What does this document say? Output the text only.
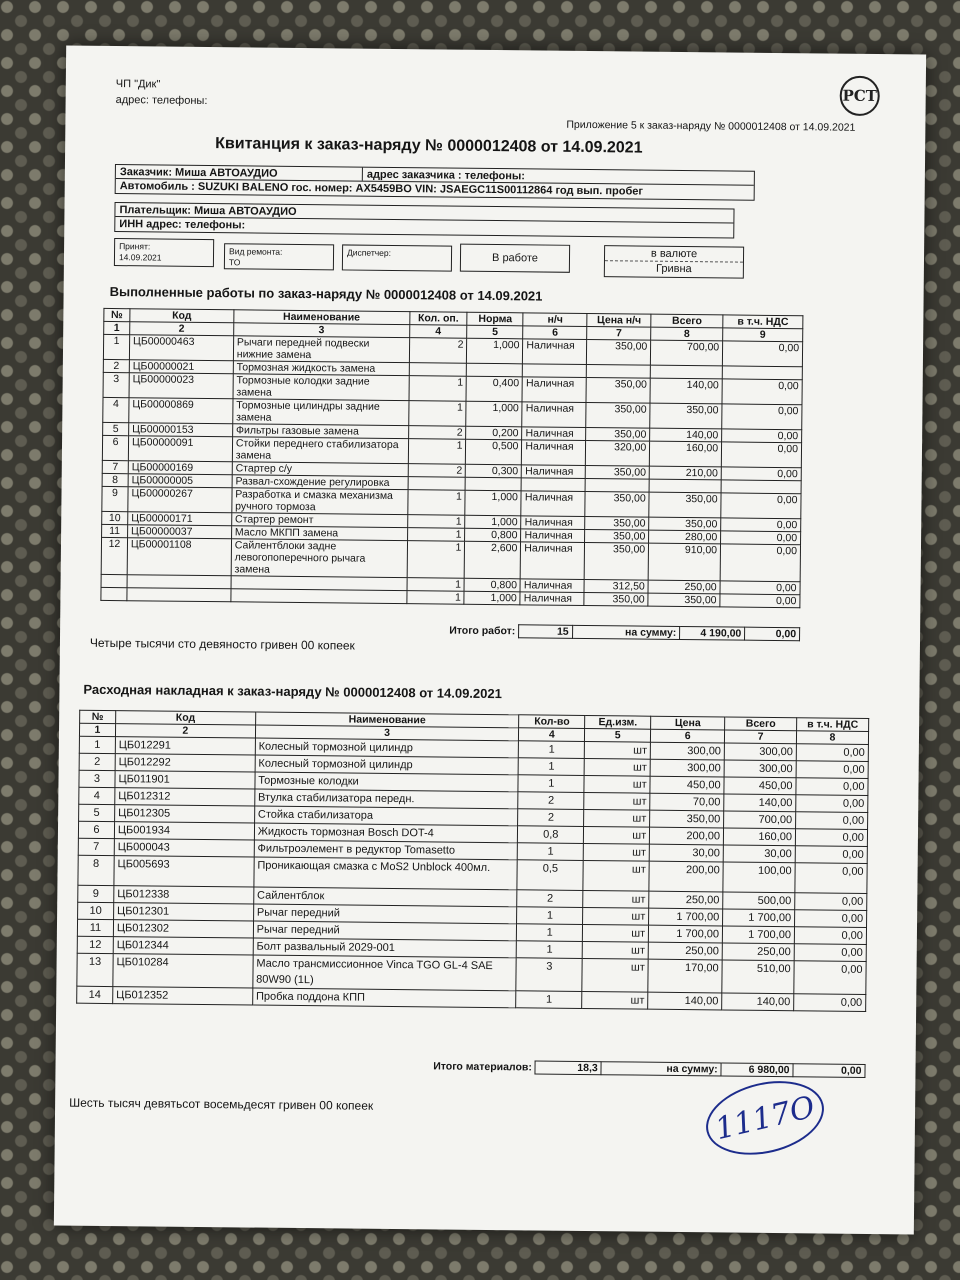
ЧП "Дик"
адрес: телефоны:	РСТ
Приложение 5 к заказ-наряду № 0000012408 от 14.09.2021
Квитанция к заказ-наряду № 0000012408 от 14.09.2021
Заказчик: Миша АВТОАУДИО	адрес заказчика : телефоны:
Автомобиль : SUZUKI BALENO гос. номер: AX5459BO VIN: JSAEGC11S00112864 год вып. пробег
Плательщик: Миша АВТОАУДИО
ИНН адрес: телефоны:
Принят:
14.09.2021
Вид ремонта:
ТО
Диспетчер:	В работе	в валюте
Гривна
Выполненные работы по заказ-наряду № 0000012408 от 14.09.2021
№	Код	Наименование	Кол. оп.	Норма	н/ч	Цена н/ч	Всего	в т.ч. НДС
1	2	3	4	5	6	7	8	9
1	ЦБ00000463	Рычаги передней подвески нижние замена	2	1,000	Наличная	350,00	700,00	0,00
2	ЦБ00000021	Тормозная жидкость замена						
3	ЦБ00000023	Тормозные колодки задние замена	1	0,400	Наличная	350,00	140,00	0,00
4	ЦБ00000869	Тормозные цилиндры задние замена	1	1,000	Наличная	350,00	350,00	0,00
5	ЦБ00000153	Фильтры газовые замена	2	0,200	Наличная	350,00	140,00	0,00
6	ЦБ00000091	Стойки переднего стабилизатора замена	1	0,500	Наличная	320,00	160,00	0,00
7	ЦБ00000169	Стартер с/у	2	0,300	Наличная	350,00	210,00	0,00
8	ЦБ00000005	Развал-схождение регулировка						
9	ЦБ00000267	Разработка и смазка механизма ручного тормоза	1	1,000	Наличная	350,00	350,00	0,00
10	ЦБ00000171	Стартер ремонт	1	1,000	Наличная	350,00	350,00	0,00
11	ЦБ00000037	Масло МКПП замена	1	0,800	Наличная	350,00	280,00	0,00
12	ЦБ00001108	Сайлентблоки задне левогопоперечного рычага замена	1	2,600	Наличная	350,00	910,00	0,00
			1	0,800	Наличная	312,50	250,00	0,00
			1	1,000	Наличная	350,00	350,00	0,00
Итого работ:	15	на сумму:	4 190,00	0,00
Четыре тысячи сто девяносто гривен 00 копеек
Расходная накладная к заказ-наряду № 0000012408 от 14.09.2021
№	Код	Наименование	Кол-во	Ед.изм.	Цена	Всего	в т.ч. НДС
1	2	3	4	5	6	7	8
1	ЦБ012291	Колесный тормозной цилиндр	1	шт	300,00	300,00	0,00
2	ЦБ012292	Колесный тормозной цилиндр	1	шт	300,00	300,00	0,00
3	ЦБ011901	Тормозные колодки	1	шт	450,00	450,00	0,00
4	ЦБ012312	Втулка стабилизатора передн.	2	шт	70,00	140,00	0,00
5	ЦБ012305	Стойка стабилизатора	2	шт	350,00	700,00	0,00
6	ЦБ001934	Жидкость тормозная Bosch DOT-4	0,8	шт	200,00	160,00	0,00
7	ЦБ000043	Фильтроэлемент в редуктор Tomasetto	1	шт	30,00	30,00	0,00
8	ЦБ005693	Проникающая смазка с MoS2 Unblock 400мл.	0,5	шт	200,00	100,00	0,00
9	ЦБ012338	Сайлентблок	2	шт	250,00	500,00	0,00
10	ЦБ012301	Рычаг передний	1	шт	1 700,00	1 700,00	0,00
11	ЦБ012302	Рычаг передний	1	шт	1 700,00	1 700,00	0,00
12	ЦБ012344	Болт развальный 2029-001	1	шт	250,00	250,00	0,00
13	ЦБ010284	Масло трансмиссионное Vinca TGO GL-4 SAE 80W90 (1L)	3	шт	170,00	510,00	0,00
14	ЦБ012352	Пробка поддона КПП	1	шт	140,00	140,00	0,00
Итого материалов:	18,3	на сумму:	6 980,00	0,00
Шесть тысяч девятьсот восемьдесят гривен 00 копеек	1117O
